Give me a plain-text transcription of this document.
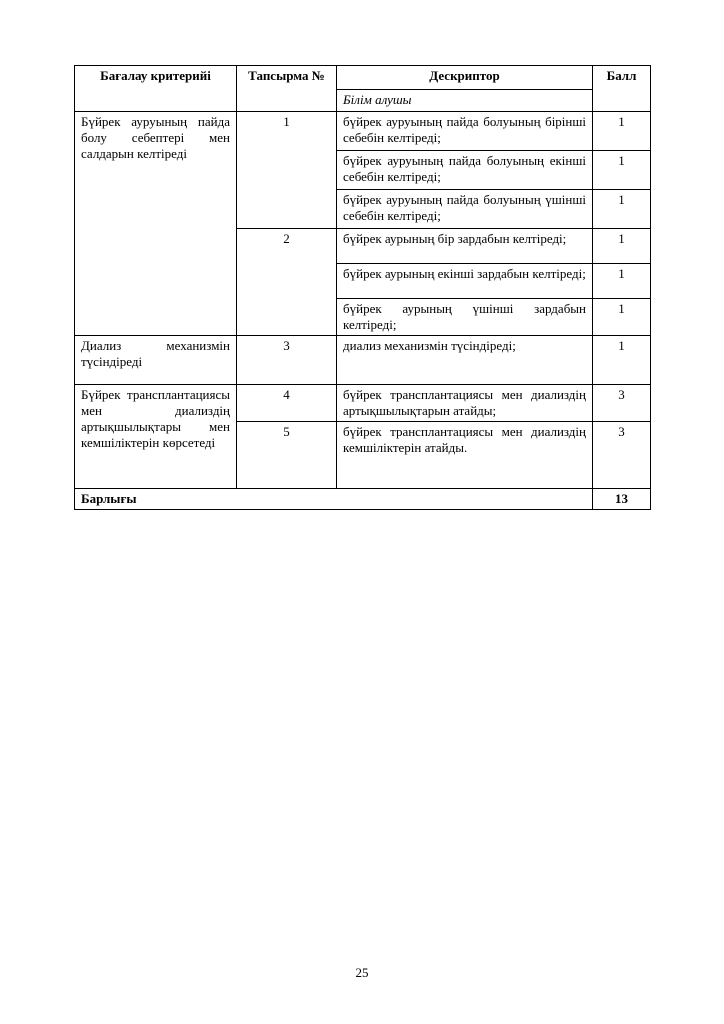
Бағалау критерийі	Тапсырма №	Дескриптор	Балл
		Білім алушы	
Бүйрек ауруының пайда болу себептері мен салдарын келтіреді	1	бүйрек ауруының пайда болуының бірінші себебін келтіреді;	1
		бүйрек ауруының пайда болуының екінші себебін келтіреді;	1
		бүйрек ауруының пайда болуының үшінші себебін келтіреді;	1
	2	бүйрек аурының бір зардабын келтіреді;	1
		бүйрек аурының екінші зардабын келтіреді;	1
		бүйрек аурының үшінші зардабын келтіреді;	1
Диализ механизмін түсіндіреді	3	диализ механизмін түсіндіреді;	1
Бүйрек трансплантациясы мен диализдің артықшылықтары мен кемшіліктерін көрсетеді	4	бүйрек трансплантациясы мен диализдің артықшылықтарын атайды;	3
	5	бүйрек трансплантациясы мен диализдің кемшіліктерін атайды.	3
Барлығы			13
25
